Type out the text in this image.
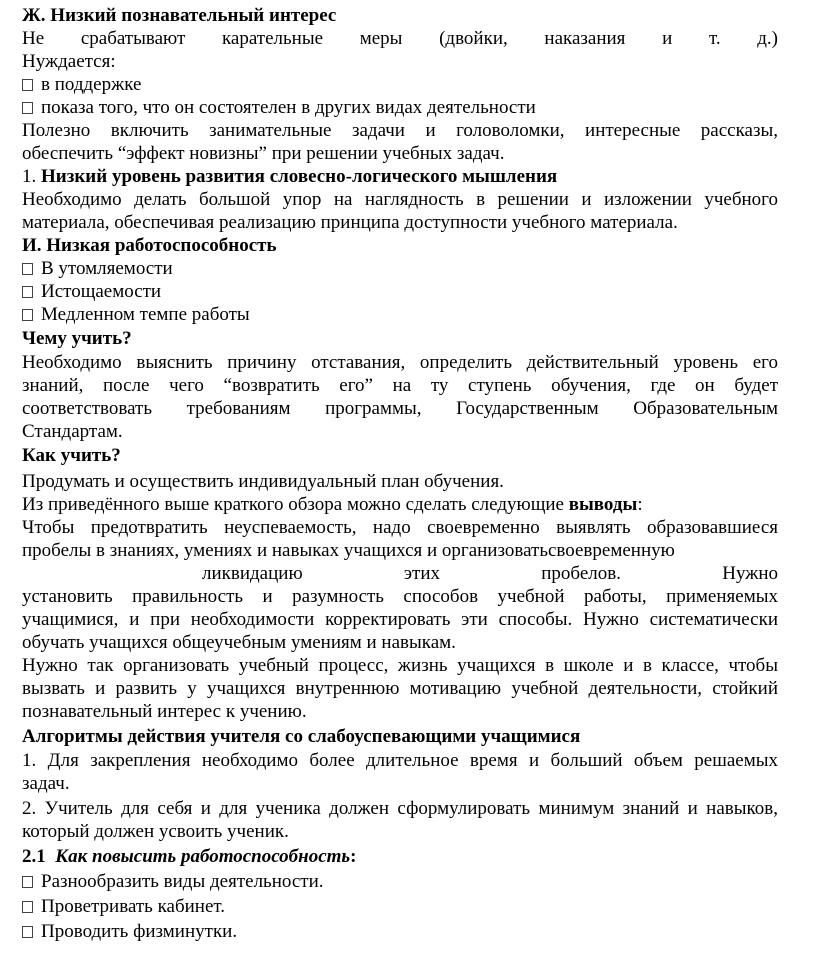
Ж. Низкий познавательный интерес
Не срабатывают карательные меры (двойки, наказания и т. д.)
Нуждается:
в поддержке
показа того, что он состоятелен в других видах деятельности
Полезно включить занимательные задачи и головоломки, интересные рассказы,
обеспечить “эффект новизны” при решении учебных задач.
1. Низкий уровень развития словесно-логического мышления
Необходимо делать большой упор на наглядность в решении и изложении учебного
материала, обеспечивая реализацию принципа доступности учебного материала.
И. Низкая работоспособность
В утомляемости
Истощаемости
Медленном темпе работы
Чему учить?
Необходимо выяснить причину отставания, определить действительный уровень его
знаний, после чего “возвратить его” на ту ступень обучения, где он будет
соответствовать требованиям программы, Государственным Образовательным
Стандартам.
Как учить?
Продумать и осуществить индивидуальный план обучения.
Из приведённого выше краткого обзора можно сделать следующие выводы:
Чтобы предотвратить неуспеваемость, надо своевременно выявлять образовавшиеся
пробелы в знаниях, умениях и навыках учащихся и организоватьсвоевременную
ликвидацию	этих	пробелов.	Нужно
установить правильность и разумность способов учебной работы, применяемых
учащимися, и при необходимости корректировать эти способы. Нужно систематически
обучать учащихся общеучебным умениям и навыкам.
Нужно так организовать учебный процесс, жизнь учащихся в школе и в классе, чтобы
вызвать и развить у учащихся внутреннюю мотивацию учебной деятельности, стойкий
познавательный интерес к учению.
Алгоритмы действия учителя со слабоуспевающими учащимися
1. Для закрепления необходимо более длительное время и больший объем решаемых
задач.
2. Учитель для себя и для ученика должен сформулировать минимум знаний и навыков,
который должен усвоить ученик.
2.1 Как повысить работоспособность:
Разнообразить виды деятельности.
Проветривать кабинет.
Проводить физминутки.
